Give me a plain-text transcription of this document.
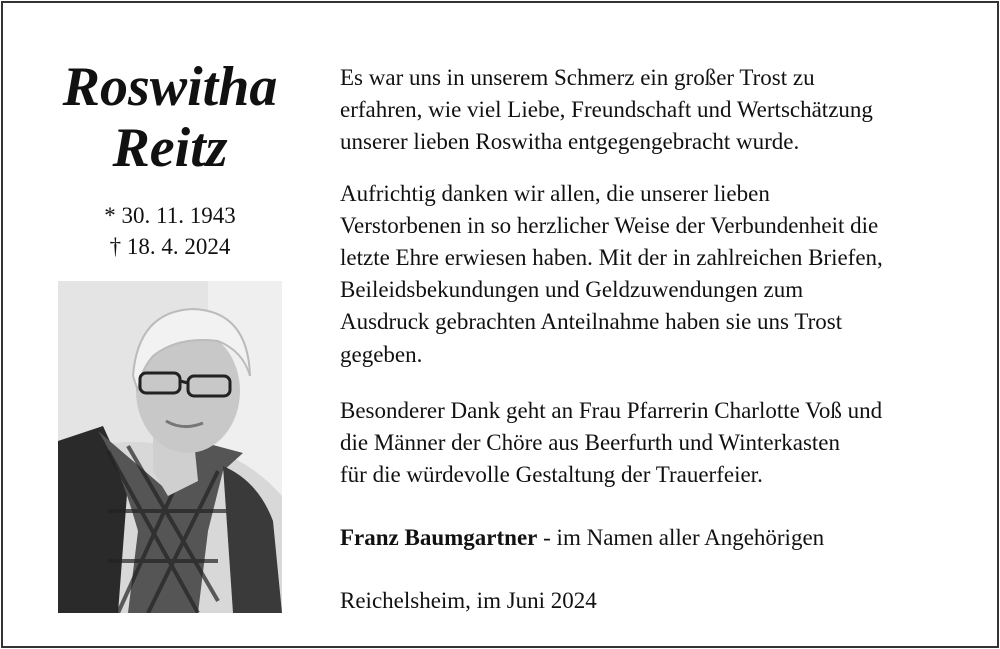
Roswitha
Reitz
* 30. 11. 1943
† 18. 4. 2024

Es war uns in unserem Schmerz ein großer Trost zu
erfahren, wie viel Liebe, Freundschaft und Wertschätzung
unserer lieben Roswitha entgegengebracht wurde.

Aufrichtig danken wir allen, die unserer lieben
Verstorbenen in so herzlicher Weise der Verbundenheit die
letzte Ehre erwiesen haben. Mit der in zahlreichen Briefen,
Beileidsbekundungen und Geldzuwendungen zum
Ausdruck gebrachten Anteilnahme haben sie uns Trost
gegeben.

Besonderer Dank geht an Frau Pfarrerin Charlotte Voß und
die Männer der Chöre aus Beerfurth und Winterkasten
für die würdevolle Gestaltung der Trauerfeier.

Franz Baumgartner - im Namen aller Angehörigen

Reichelsheim, im Juni 2024
